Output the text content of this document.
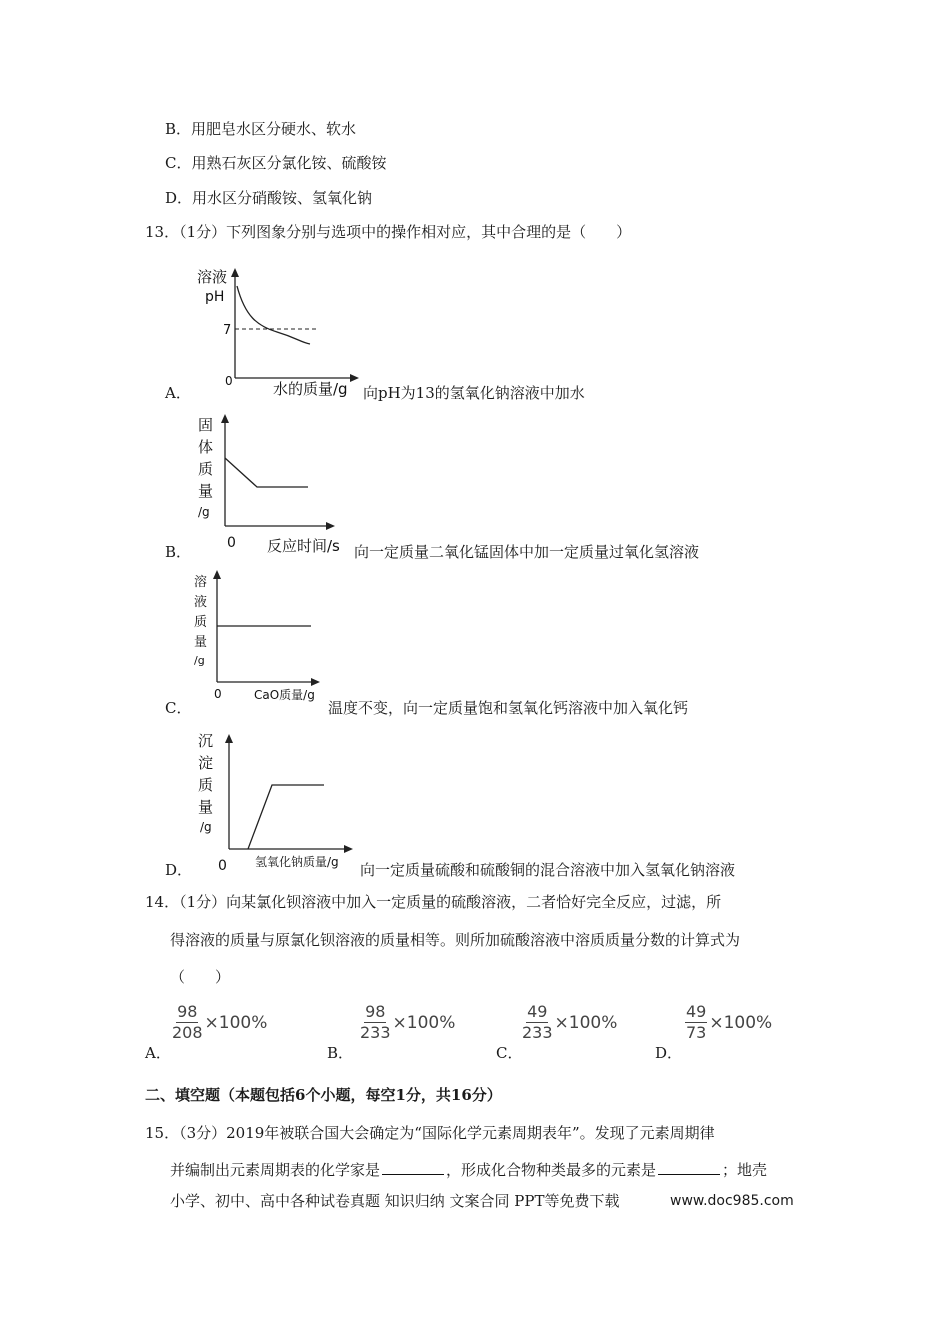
B．用肥皂水区分硬水、软水
C．用熟石灰区分氯化铵、硫酸铵
D．用水区分硝酸铵、氢氧化钠
13．（1分）下列图象分别与选项中的操作相对应，其中合理的是（　　）
溶液
pH
7
0	水的质量/g
A．	向pH为13的氢氧化钠溶液中加水
固
体
质
量
/g
0 反应时间/s
B．	向一定质量二氧化锰固体中加一定质量过氧化氢溶液
溶
液
质
量
/g
0	CaO质量/g
C．	温度不变，向一定质量饱和氢氧化钙溶液中加入氧化钙
沉
淀
质
量
/g
0 氢氧化钠质量/g
D．	向一定质量硫酸和硫酸铜的混合溶液中加入氢氧化钠溶液
14．（1分）向某氯化钡溶液中加入一定质量的硫酸溶液，二者恰好完全反应，过滤，所
得溶液的质量与原氯化钡溶液的质量相等。则所加硫酸溶液中溶质质量分数的计算式为
（　　）
$\frac{98}{208} \times 100\%$
A．
$\frac{98}{233} \times 100\%$
B．
$\frac{49}{233} \times 100\%$
C．
$\frac{49}{73} \times 100\%$
D．
二、填空题（本题包括6个小题，每空1分，共16分）
15．（3分）2019年被联合国大会确定为“国际化学元素周期表年”。发现了元素周期律
并编制出元素周期表的化学家是	，形成化合物种类最多的元素是	；地壳
小学、初中、高中各种试卷真题 知识归纳 文案合同 PPT等免费下载	www.doc985.com
